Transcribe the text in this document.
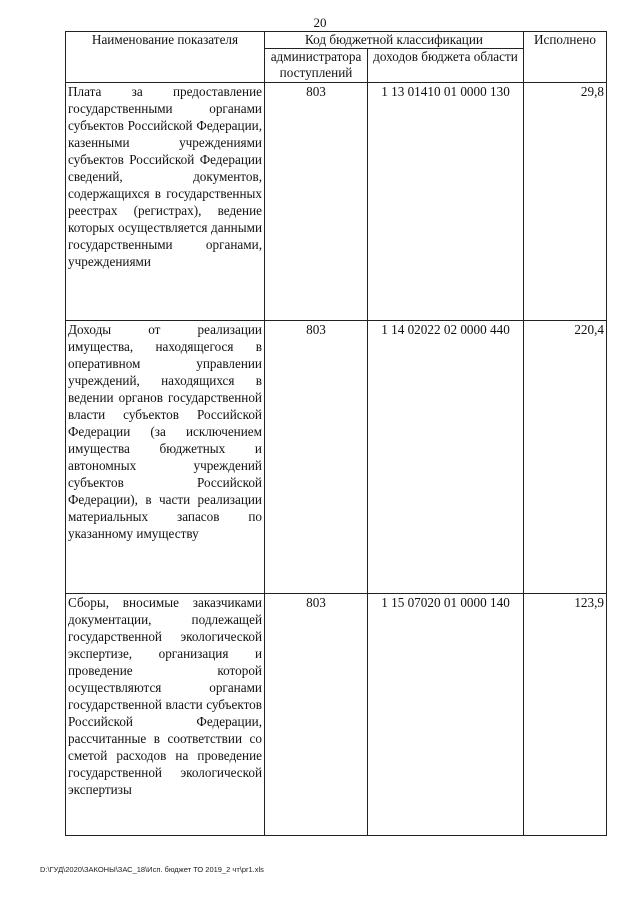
20
Наименование показателя	Код бюджетной классификации		Исполнено
	администратора поступлений	доходов бюджета области	
Плата за предоставление государственными органами субъектов Российской Федерации, казенными учреждениями субъектов Российской Федерации сведений, документов, содержащихся в государственных реестрах (регистрах), ведение которых осуществляется данными государственными органами, учреждениями	803	1 13 01410 01 0000 130	29,8
Доходы от реализации имущества, находящегося в оперативном управлении учреждений, находящихся в ведении органов государственной власти субъектов Российской Федерации (за исключением имущества бюджетных и автономных учреждений субъектов Российской Федерации), в части реализации материальных запасов по указанному имуществу	803	1 14 02022 02 0000 440	220,4
Сборы, вносимые заказчиками документации, подлежащей государственной экологической экспертизе, организация и проведение которой осуществляются органами государственной власти субъектов Российской Федерации, рассчитанные в соответствии со сметой расходов на проведение государственной экологической экспертизы	803	1 15 07020 01 0000 140	123,9
D:\ГУД\2020\ЗАКОНЫ\ЗАС_18\Исп. бюджет ТО 2019_2 чт\pr1.xls
